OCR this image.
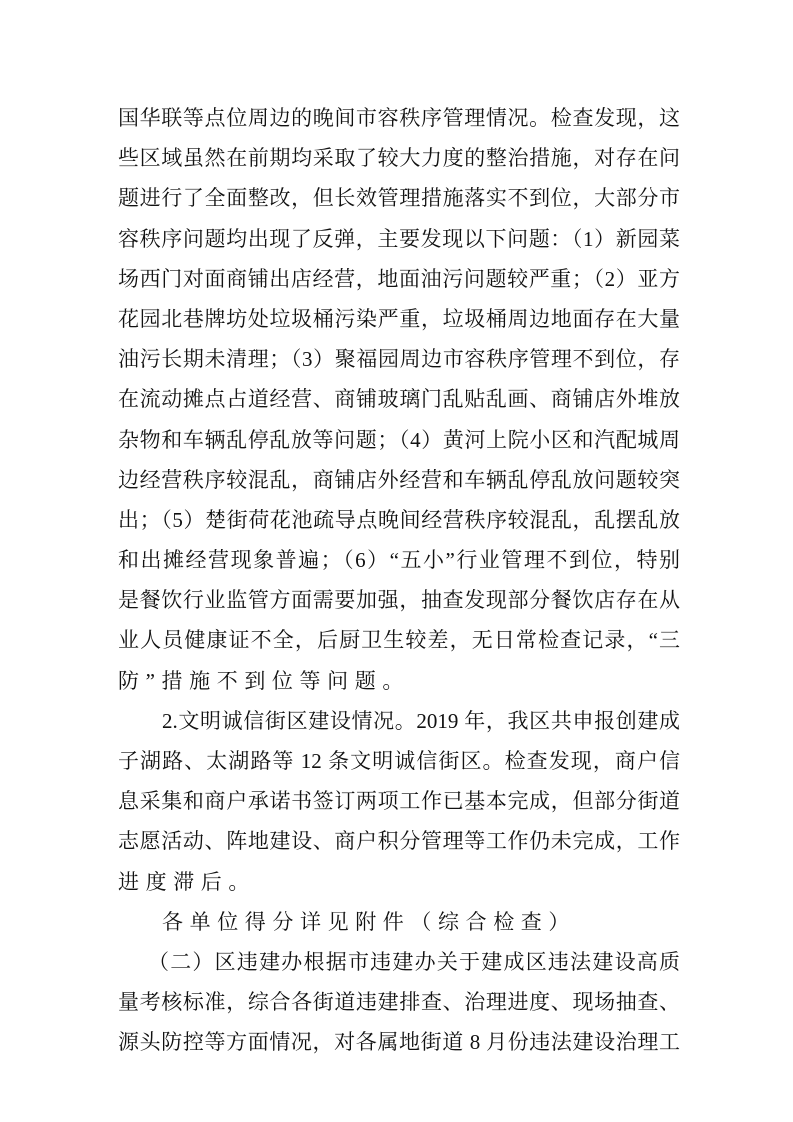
国华联等点位周边的晚间市容秩序管理情况。检查发现，这
些区域虽然在前期均采取了较大力度的整治措施，对存在问
题进行了全面整改，但长效管理措施落实不到位，大部分市
容秩序问题均出现了反弹，主要发现以下问题：（1）新园菜
场西门对面商铺出店经营，地面油污问题较严重；（2）亚方
花园北巷牌坊处垃圾桶污染严重，垃圾桶周边地面存在大量
油污长期未清理；（3）聚福园周边市容秩序管理不到位，存
在流动摊点占道经营、商铺玻璃门乱贴乱画、商铺店外堆放
杂物和车辆乱停乱放等问题；（4）黄河上院小区和汽配城周
边经营秩序较混乱，商铺店外经营和车辆乱停乱放问题较突
出；（5）楚街荷花池疏导点晚间经营秩序较混乱，乱摆乱放
和出摊经营现象普遍；（6）“五小”行业管理不到位，特别
是餐饮行业监管方面需要加强，抽查发现部分餐饮店存在从
业人员健康证不全，后厨卫生较差，无日常检查记录，“三
防”措施不到位等问题。
2.文明诚信街区建设情况。2019 年，我区共申报创建成
子湖路、太湖路等 12 条文明诚信街区。检查发现，商户信
息采集和商户承诺书签订两项工作已基本完成，但部分街道
志愿活动、阵地建设、商户积分管理等工作仍未完成，工作
进度滞后。
各单位得分详见附件（综合检查）
（二）区违建办根据市违建办关于建成区违法建设高质
量考核标准，综合各街道违建排查、治理进度、现场抽查、
源头防控等方面情况，对各属地街道 8 月份违法建设治理工
